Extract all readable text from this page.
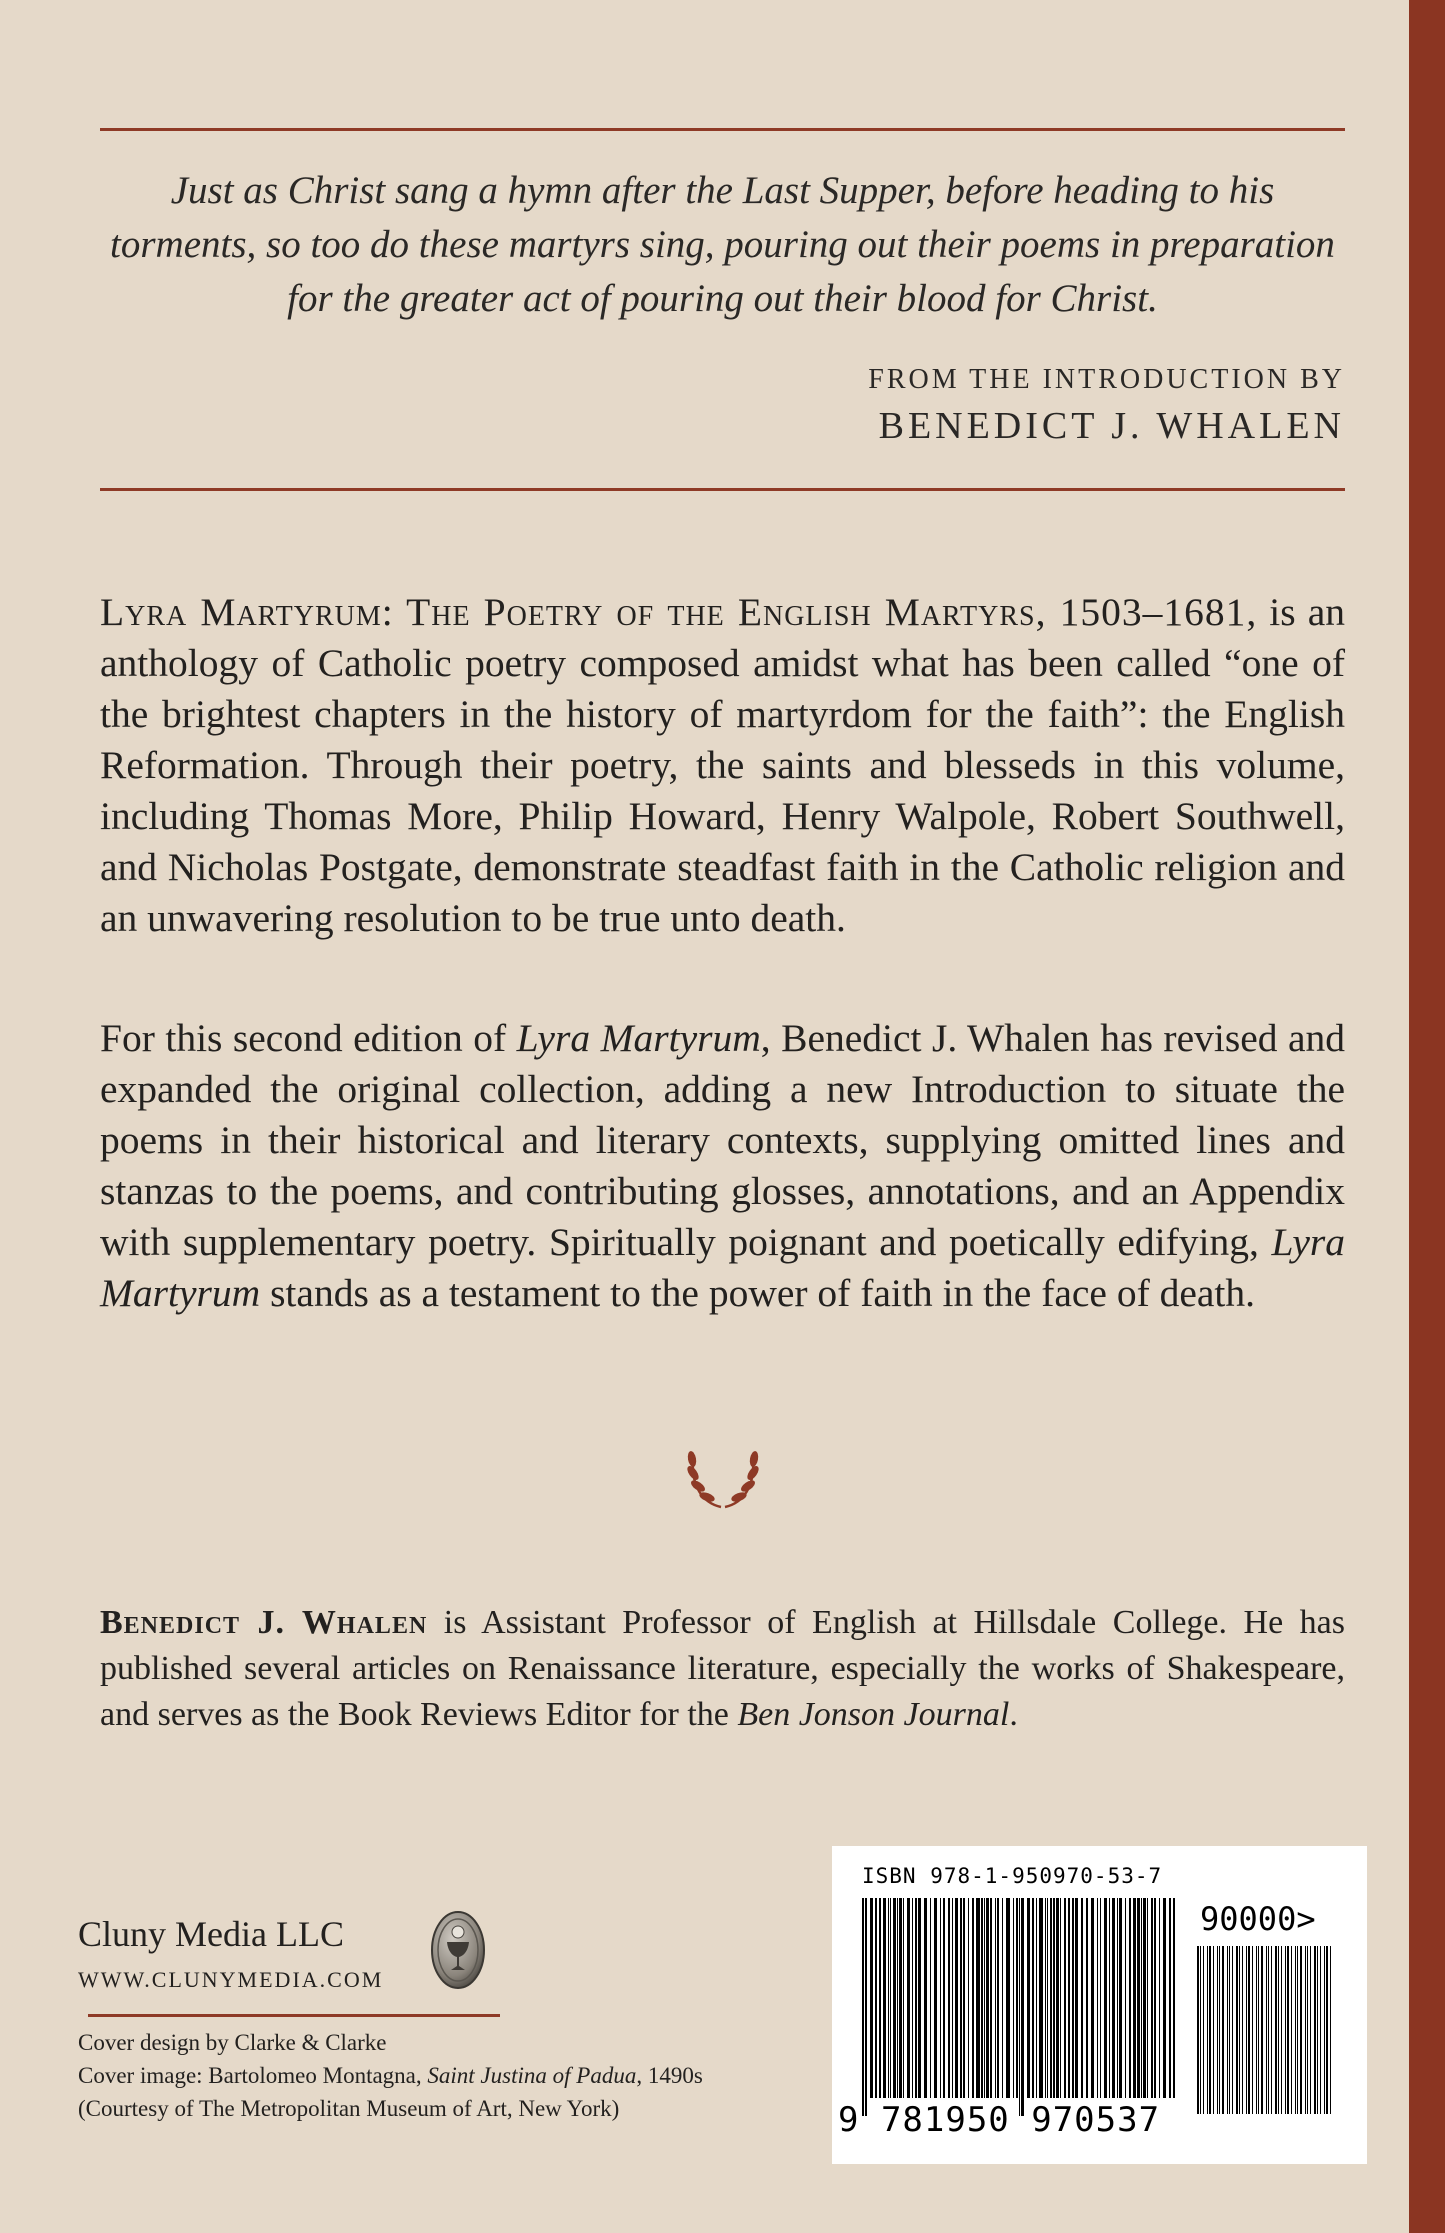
Just as Christ sang a hymn after the Last Supper, before heading to his torments, so too do these martyrs sing, pouring out their poems in preparation for the greater act of pouring out their blood for Christ.
FROM THE INTRODUCTION BY
BENEDICT J. WHALEN
Lyra Martyrum: The Poetry of the English Martyrs, 1503–1681, is an anthology of Catholic poetry composed amidst what has been called “one of the brightest chapters in the history of martyrdom for the faith”: the English Reformation. Through their poetry, the saints and blesseds in this volume, including Thomas More, Philip Howard, Henry Walpole, Robert Southwell, and Nicholas Postgate, demonstrate steadfast faith in the Catholic religion and an unwavering resolution to be true unto death.
For this second edition of Lyra Martyrum, Benedict J. Whalen has revised and expanded the original collection, adding a new Introduction to situate the poems in their historical and literary contexts, supplying omitted lines and stanzas to the poems, and contributing glosses, annotations, and an Appendix with supplementary poetry. Spiritually poignant and poetically edifying, Lyra Martyrum stands as a testament to the power of faith in the face of death.
Benedict J. Whalen is Assistant Professor of English at Hillsdale College. He has published several articles on Renaissance literature, especially the works of Shakespeare, and serves as the Book Reviews Editor for the Ben Jonson Journal.
Cluny Media LLC
WWW.CLUNYMEDIA.COM
Cover design by Clarke & Clarke
Cover image: Bartolomeo Montagna, Saint Justina of Padua, 1490s
(Courtesy of The Metropolitan Museum of Art, New York)
ISBN 978-1-950970-53-7
90000>
9 781950 970537
